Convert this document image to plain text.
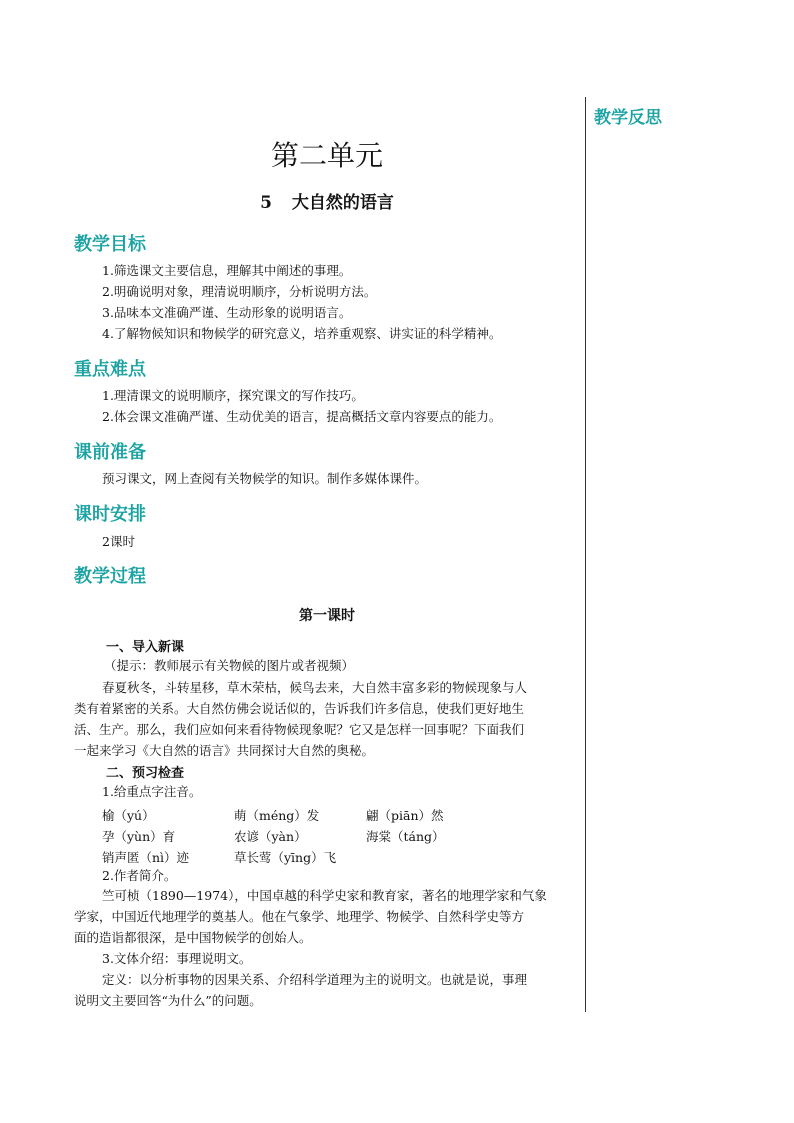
教学反思
第二单元
5 大自然的语言
教学目标
1.筛选课文主要信息，理解其中阐述的事理。
2.明确说明对象，理清说明顺序，分析说明方法。
3.品味本文准确严谨、生动形象的说明语言。
4.了解物候知识和物候学的研究意义，培养重观察、讲实证的科学精神。
重点难点
1.理清课文的说明顺序，探究课文的写作技巧。
2.体会课文准确严谨、生动优美的语言，提高概括文章内容要点的能力。
课前准备
预习课文，网上查阅有关物候学的知识。制作多媒体课件。
课时安排
2课时
教学过程
第一课时
一、导入新课
（提示：教师展示有关物候的图片或者视频）
春夏秋冬，斗转星移，草木荣枯，候鸟去来，大自然丰富多彩的物候现象与人
类有着紧密的关系。大自然仿佛会说话似的，告诉我们许多信息，使我们更好地生
活、生产。那么，我们应如何来看待物候现象呢？它又是怎样一回事呢？下面我们
一起来学习《大自然的语言》共同探讨大自然的奥秘。
二、预习检查
1.给重点字注音。
榆（yú）	萌（méng）发	翩（piān）然
孕（yùn）育	农谚（yàn）	海棠（táng）
销声匿（nì）迹	草长莺（yīng）飞
2.作者简介。
竺可桢（1890—1974），中国卓越的科学史家和教育家，著名的地理学家和气象
学家，中国近代地理学的奠基人。他在气象学、地理学、物候学、自然科学史等方
面的造诣都很深，是中国物候学的创始人。
3.文体介绍：事理说明文。
定义：以分析事物的因果关系、介绍科学道理为主的说明文。也就是说，事理
说明文主要回答“为什么”的问题。
